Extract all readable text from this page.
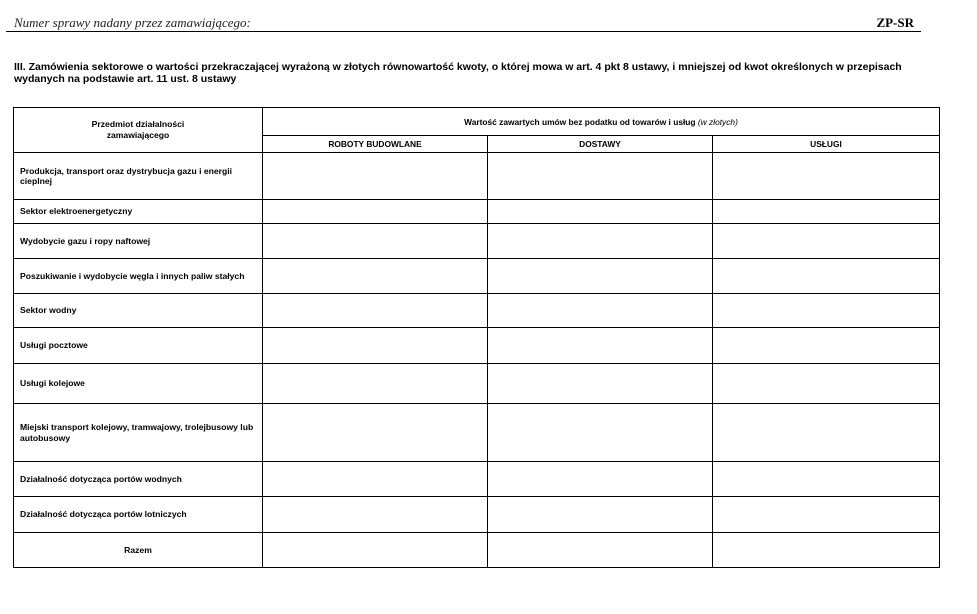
Numer sprawy nadany przez zamawiającego:	ZP-SR
III. Zamówienia sektorowe o wartości przekraczającej wyrażoną w złotych równowartość kwoty, o której mowa w art. 4 pkt 8 ustawy, i mniejszej od kwot określonych w przepisach wydanych na podstawie art. 11 ust. 8 ustawy
Przedmiot działalności zamawiającego	Wartość zawartych umów bez podatku od towarów i usług (w złotych)		
	ROBOTY BUDOWLANE	DOSTAWY	USŁUGI
Produkcja, transport oraz dystrybucja gazu i energii cieplnej			
Sektor elektroenergetyczny			
Wydobycie gazu i ropy naftowej			
Poszukiwanie i wydobycie węgla i innych paliw stałych			
Sektor wodny			
Usługi pocztowe			
Usługi kolejowe			
Miejski transport kolejowy, tramwajowy, trolejbusowy lub autobusowy			
Działalność dotycząca portów wodnych			
Działalność dotycząca portów lotniczych			
Razem			
